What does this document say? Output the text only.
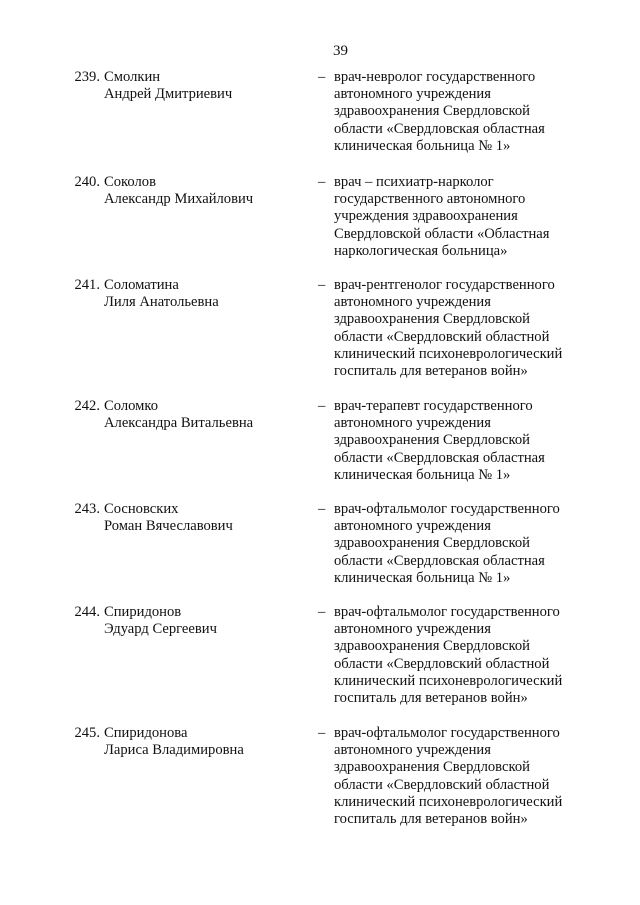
39
239. Смолкин
Андрей Дмитриевич
– врач-невролог государственного
автономного учреждения
здравоохранения Свердловской
области «Свердловская областная
клиническая больница № 1»
240. Соколов
Александр Михайлович
– врач – психиатр-нарколог
государственного автономного
учреждения здравоохранения
Свердловской области «Областная
наркологическая больница»
241. Соломатина
Лиля Анатольевна
– врач-рентгенолог государственного
автономного учреждения
здравоохранения Свердловской
области «Свердловский областной
клинический психоневрологический
госпиталь для ветеранов войн»
242. Соломко
Александра Витальевна
– врач-терапевт государственного
автономного учреждения
здравоохранения Свердловской
области «Свердловская областная
клиническая больница № 1»
243. Сосновских
Роман Вячеславович
– врач-офтальмолог государственного
автономного учреждения
здравоохранения Свердловской
области «Свердловская областная
клиническая больница № 1»
244. Спиридонов
Эдуард Сергеевич
– врач-офтальмолог государственного
автономного учреждения
здравоохранения Свердловской
области «Свердловский областной
клинический психоневрологический
госпиталь для ветеранов войн»
245. Спиридонова
Лариса Владимировна
– врач-офтальмолог государственного
автономного учреждения
здравоохранения Свердловской
области «Свердловский областной
клинический психоневрологический
госпиталь для ветеранов войн»
